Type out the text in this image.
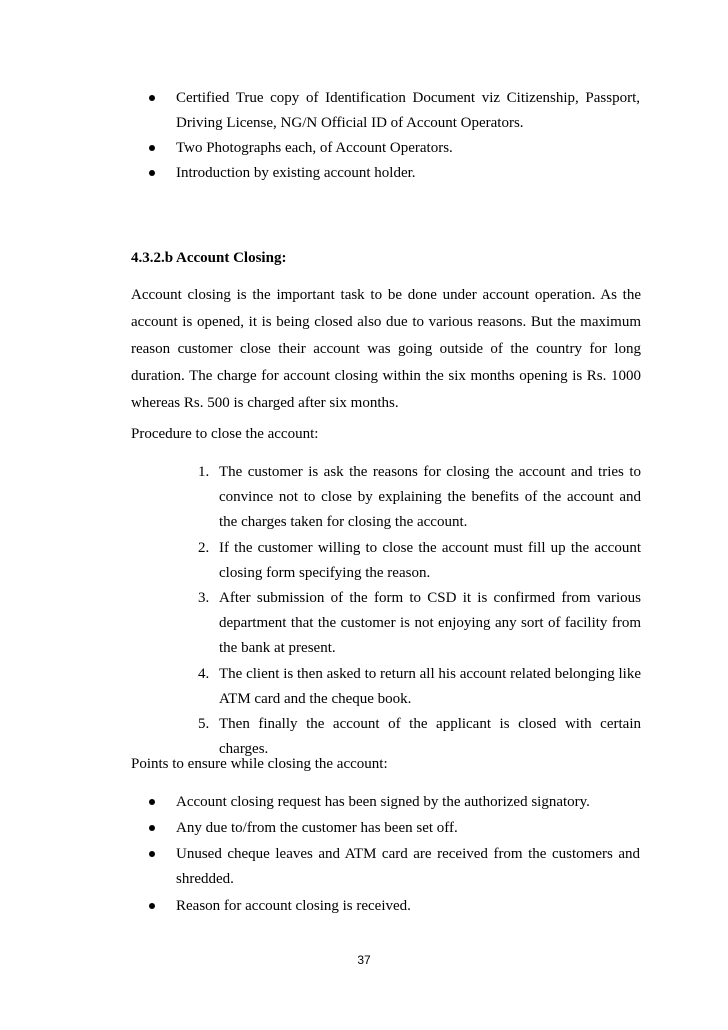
Certified True copy of Identification Document viz Citizenship, Passport, Driving License, NG/N Official ID of Account Operators.
Two Photographs each, of Account Operators.
Introduction by existing account holder.
4.3.2.b Account Closing:
Account closing is the important task to be done under account operation. As the account is opened, it is being closed also due to various reasons. But the maximum reason customer close their account was going outside of the country for long duration. The charge for account closing within the six months opening is Rs. 1000 whereas Rs. 500 is charged after six months.
Procedure to close the account:
1. The customer is ask the reasons for closing the account and tries to convince not to close by explaining the benefits of the account and the charges taken for closing the account.
2. If the customer willing to close the account must fill up the account closing form specifying the reason.
3. After submission of the form to CSD it is confirmed from various department that the customer is not enjoying any sort of facility from the bank at present.
4. The client is then asked to return all his account related belonging like ATM card and the cheque book.
5. Then finally the account of the applicant is closed with certain charges.
Points to ensure while closing the account:
Account closing request has been signed by the authorized signatory.
Any due to/from the customer has been set off.
Unused cheque leaves and ATM card are received from the customers and shredded.
Reason for account closing is received.
37
